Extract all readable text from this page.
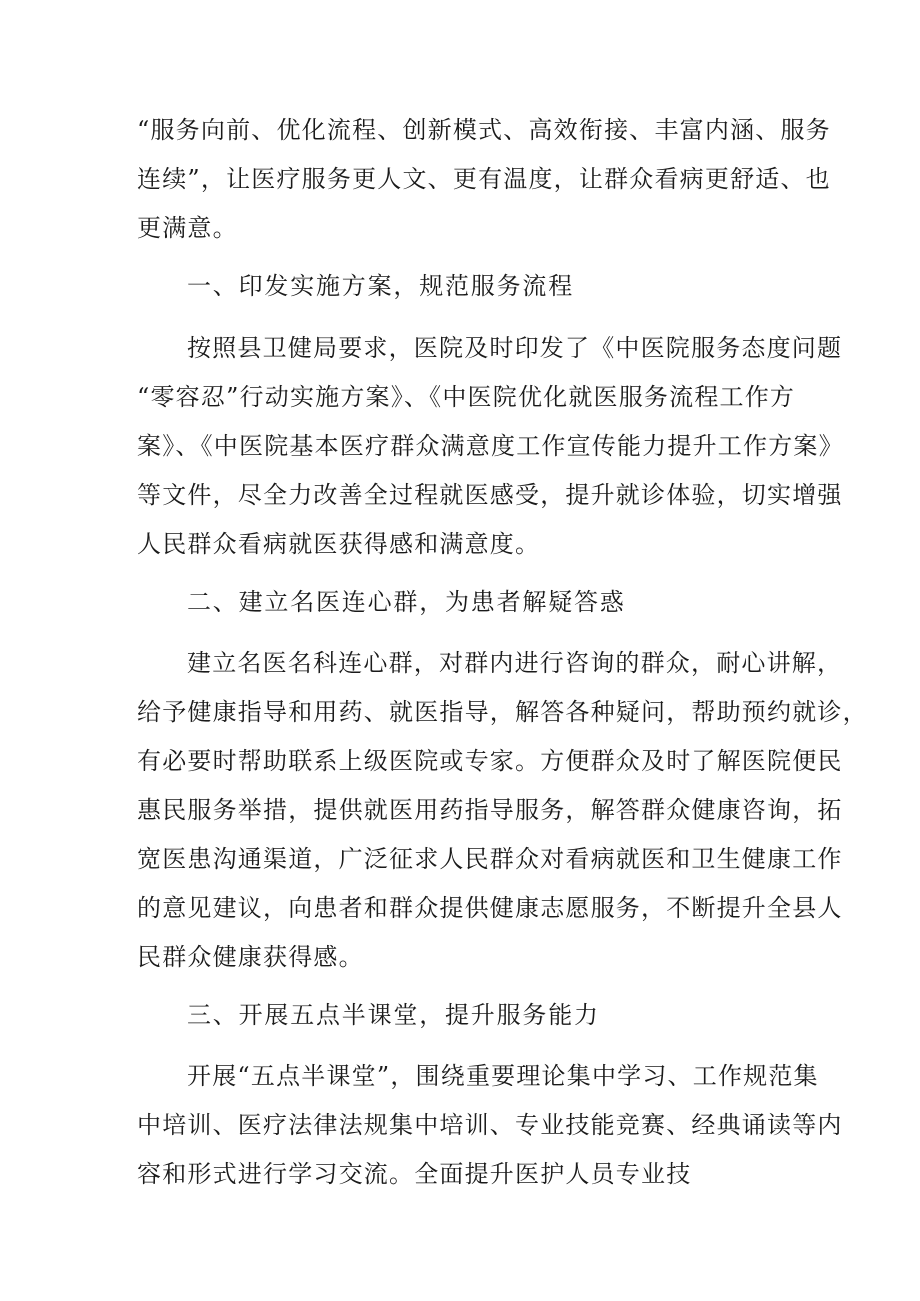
“服务向前、优化流程、创新模式、高效衔接、丰富内涵、服务
连续”，让医疗服务更人文、更有温度，让群众看病更舒适、也
更满意。
一、印发实施方案，规范服务流程
按照县卫健局要求，医院及时印发了《中医院服务态度问题
“零容忍”行动实施方案》、《中医院优化就医服务流程工作方
案》、《中医院基本医疗群众满意度工作宣传能力提升工作方案》
等文件，尽全力改善全过程就医感受，提升就诊体验，切实增强
人民群众看病就医获得感和满意度。
二、建立名医连心群，为患者解疑答惑
建立名医名科连心群，对群内进行咨询的群众，耐心讲解，
给予健康指导和用药、就医指导，解答各种疑问，帮助预约就诊，
有必要时帮助联系上级医院或专家。方便群众及时了解医院便民
惠民服务举措，提供就医用药指导服务，解答群众健康咨询，拓
宽医患沟通渠道，广泛征求人民群众对看病就医和卫生健康工作
的意见建议，向患者和群众提供健康志愿服务，不断提升全县人
民群众健康获得感。
三、开展五点半课堂，提升服务能力
开展“五点半课堂”，围绕重要理论集中学习、工作规范集
中培训、医疗法律法规集中培训、专业技能竞赛、经典诵读等内
容和形式进行学习交流。全面提升医护人员专业技
